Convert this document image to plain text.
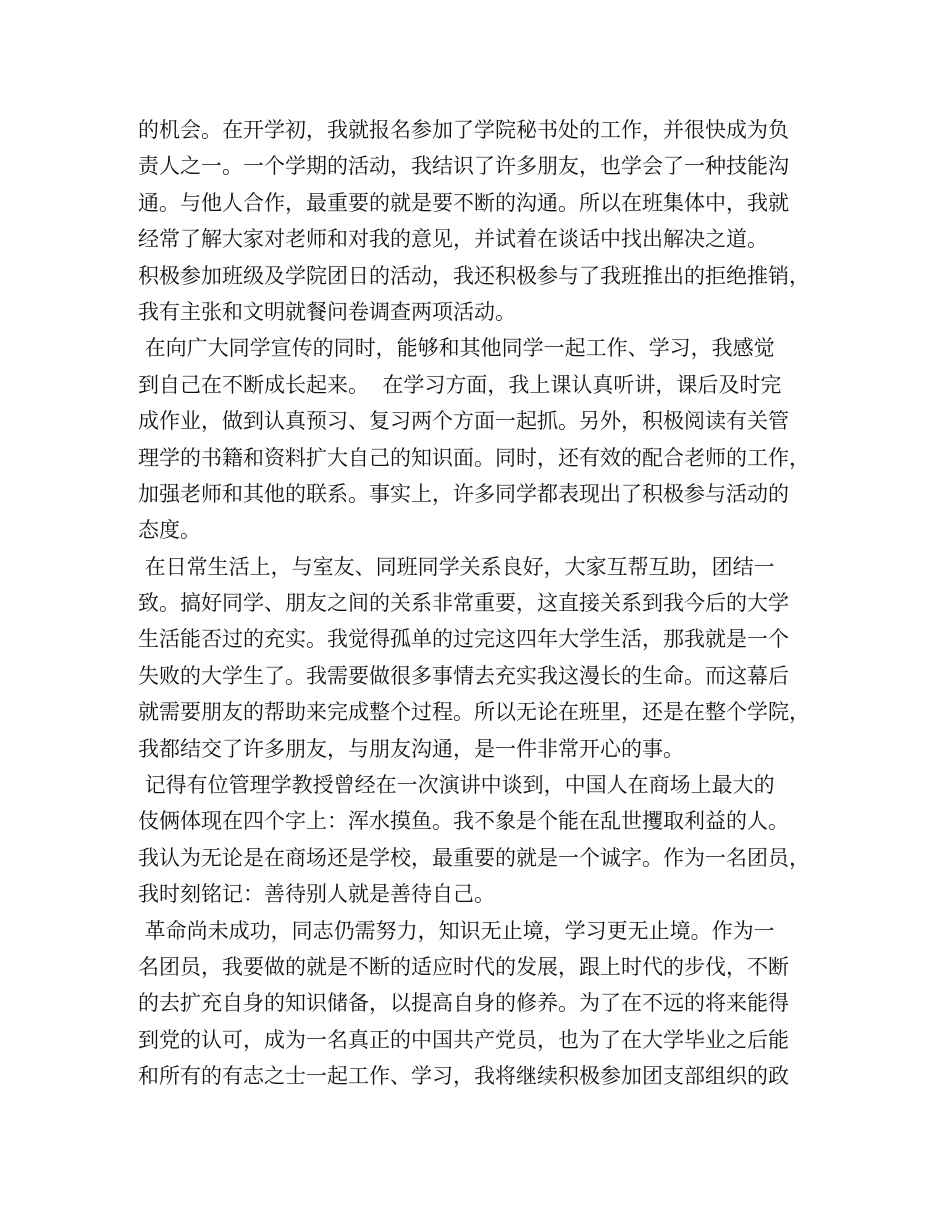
的机会。在开学初，我就报名参加了学院秘书处的工作，并很快成为负
责人之一。一个学期的活动，我结识了许多朋友，也学会了一种技能沟
通。与他人合作，最重要的就是要不断的沟通。所以在班集体中，我就
经常了解大家对老师和对我的意见，并试着在谈话中找出解决之道。
积极参加班级及学院团日的活动，我还积极参与了我班推出的拒绝推销，
我有主张和文明就餐问卷调查两项活动。
在向广大同学宣传的同时，能够和其他同学一起工作、学习，我感觉
到自己在不断成长起来。  在学习方面，我上课认真听讲，课后及时完
成作业，做到认真预习、复习两个方面一起抓。另外，积极阅读有关管
理学的书籍和资料扩大自己的知识面。同时，还有效的配合老师的工作，
加强老师和其他的联系。事实上，许多同学都表现出了积极参与活动的
态度。
在日常生活上，与室友、同班同学关系良好，大家互帮互助，团结一
致。搞好同学、朋友之间的关系非常重要，这直接关系到我今后的大学
生活能否过的充实。我觉得孤单的过完这四年大学生活，那我就是一个
失败的大学生了。我需要做很多事情去充实我这漫长的生命。而这幕后
就需要朋友的帮助来完成整个过程。所以无论在班里，还是在整个学院，
我都结交了许多朋友，与朋友沟通，是一件非常开心的事。
记得有位管理学教授曾经在一次演讲中谈到，中国人在商场上最大的
伎俩体现在四个字上：浑水摸鱼。我不象是个能在乱世攫取利益的人。
我认为无论是在商场还是学校，最重要的就是一个诚字。作为一名团员，
我时刻铭记：善待别人就是善待自己。
革命尚未成功，同志仍需努力，知识无止境，学习更无止境。作为一
名团员，我要做的就是不断的适应时代的发展，跟上时代的步伐，不断
的去扩充自身的知识储备，以提高自身的修养。为了在不远的将来能得
到党的认可，成为一名真正的中国共产党员，也为了在大学毕业之后能
和所有的有志之士一起工作、学习，我将继续积极参加团支部组织的政
